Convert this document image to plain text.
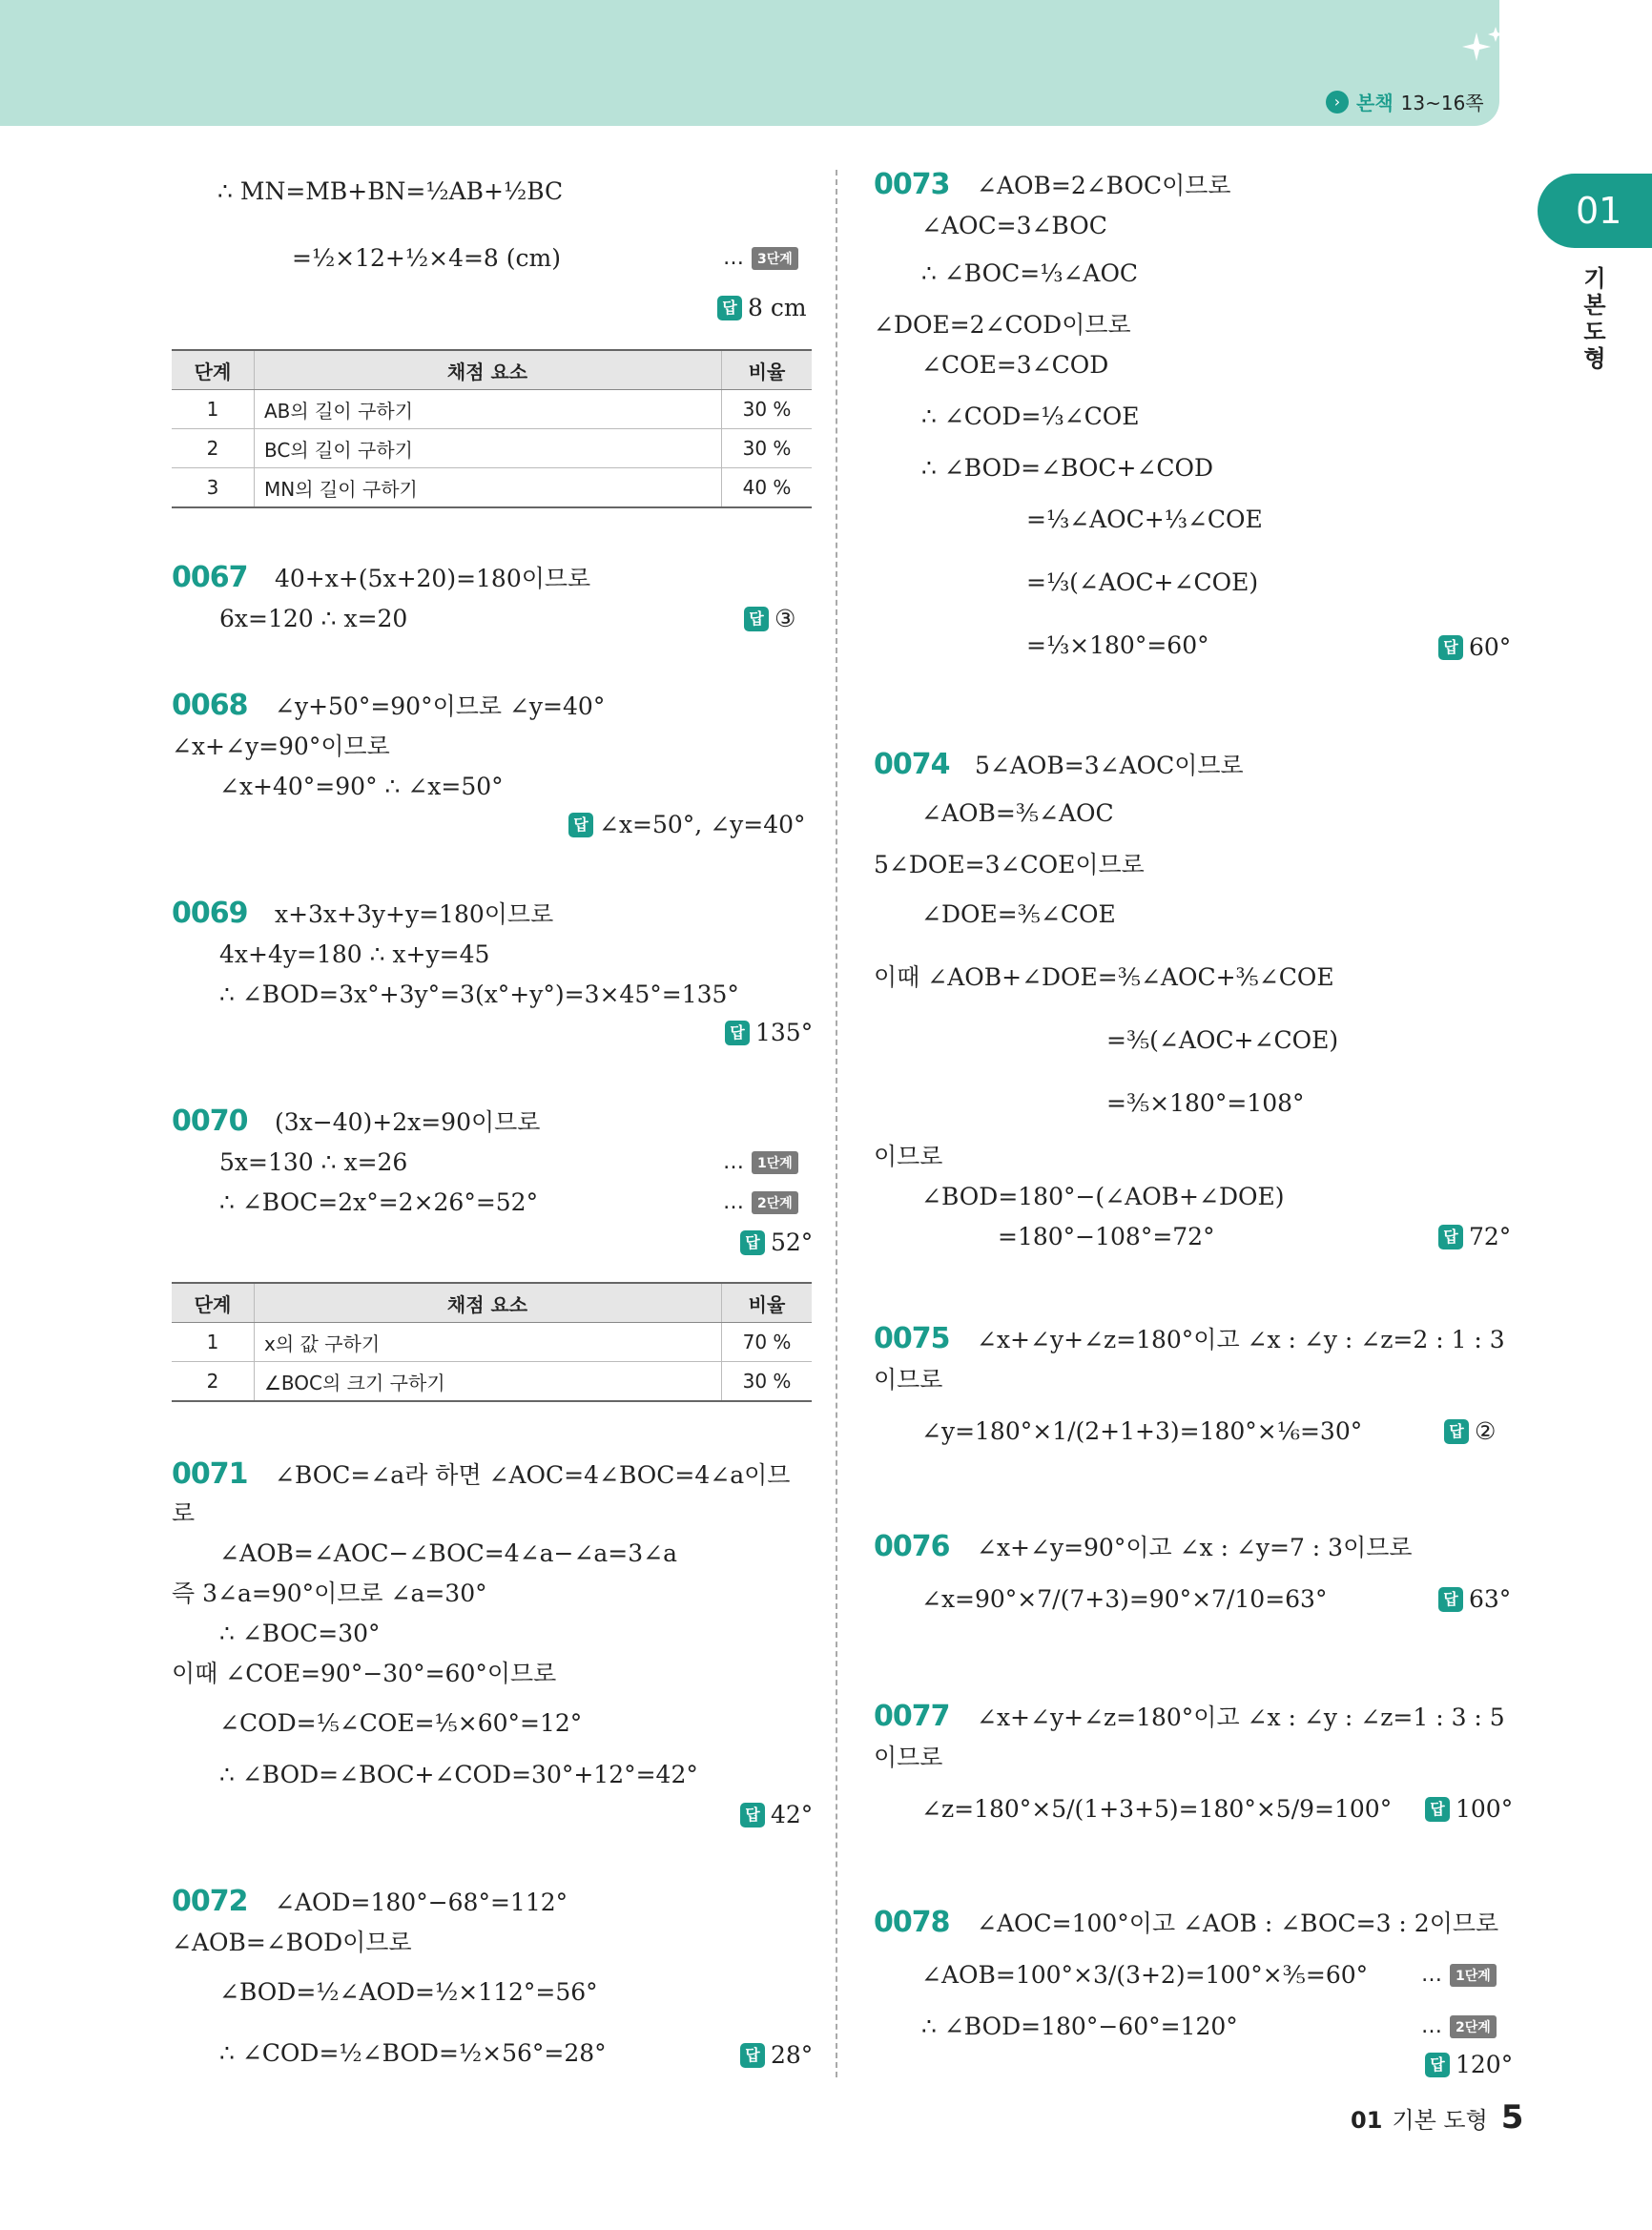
› 본책 13~16쪽
01
기본 도형
∴ MN=MB+BN=½AB+½BC
=½×12+½×4=8 (cm)	…	3단계
답 8 cm
단계	채점 요소	비율
1	AB의 길이 구하기	30 %
2	BC의 길이 구하기	30 %
3	MN의 길이 구하기	40 %
0067 40+x+(5x+20)=180이므로
6x=120 ∴ x=20	답 ③
0068 ∠y+50°=90°이므로 ∠y=40°
∠x+∠y=90°이므로
∠x+40°=90° ∴ ∠x=50°
답 ∠x=50°, ∠y=40°
0069 x+3x+3y+y=180이므로
4x+4y=180 ∴ x+y=45
∴ ∠BOD=3x°+3y°=3(x°+y°)=3×45°=135°
답 135°
0070 (3x−40)+2x=90이므로
5x=130 ∴ x=26	…	1단계
∴ ∠BOC=2x°=2×26°=52°	…	2단계
답 52°
단계	채점 요소	비율
1	x의 값 구하기	70 %
2	∠BOC의 크기 구하기	30 %
0071 ∠BOC=∠a라 하면 ∠AOC=4∠BOC=4∠a이므
로
∠AOB=∠AOC−∠BOC=4∠a−∠a=3∠a
즉 3∠a=90°이므로 ∠a=30°
∴ ∠BOC=30°
이때 ∠COE=90°−30°=60°이므로
∠COD=⅕∠COE=⅕×60°=12°
∴ ∠BOD=∠BOC+∠COD=30°+12°=42°
답 42°
0072 ∠AOD=180°−68°=112°
∠AOB=∠BOD이므로
∠BOD=½∠AOD=½×112°=56°
∴ ∠COD=½∠BOD=½×56°=28°	답 28°
0073 ∠AOB=2∠BOC이므로
∠AOC=3∠BOC
∴ ∠BOC=⅓∠AOC
∠DOE=2∠COD이므로
∠COE=3∠COD
∴ ∠COD=⅓∠COE
∴ ∠BOD=∠BOC+∠COD
=⅓∠AOC+⅓∠COE
=⅓(∠AOC+∠COE)
=⅓×180°=60°	답 60°
0074 5∠AOB=3∠AOC이므로
∠AOB=⅗∠AOC
5∠DOE=3∠COE이므로
∠DOE=⅗∠COE
이때 ∠AOB+∠DOE=⅗∠AOC+⅗∠COE
=⅗(∠AOC+∠COE)
=⅗×180°=108°
이므로
∠BOD=180°−(∠AOB+∠DOE)
=180°−108°=72°	답 72°
0075 ∠x+∠y+∠z=180°이고 ∠x : ∠y : ∠z=2 : 1 : 3
이므로
∠y=180°×1/(2+1+3)=180°×⅙=30°	답 ②
0076 ∠x+∠y=90°이고 ∠x : ∠y=7 : 3이므로
∠x=90°×7/(7+3)=90°×7/10=63°	답 63°
0077 ∠x+∠y+∠z=180°이고 ∠x : ∠y : ∠z=1 : 3 : 5
이므로
∠z=180°×5/(1+3+5)=180°×5/9=100°	답 100°
0078 ∠AOC=100°이고 ∠AOB : ∠BOC=3 : 2이므로
∠AOB=100°×3/(3+2)=100°×⅗=60°	…	1단계
∴ ∠BOD=180°−60°=120°	…	2단계
답 120°
01 기본 도형 5
